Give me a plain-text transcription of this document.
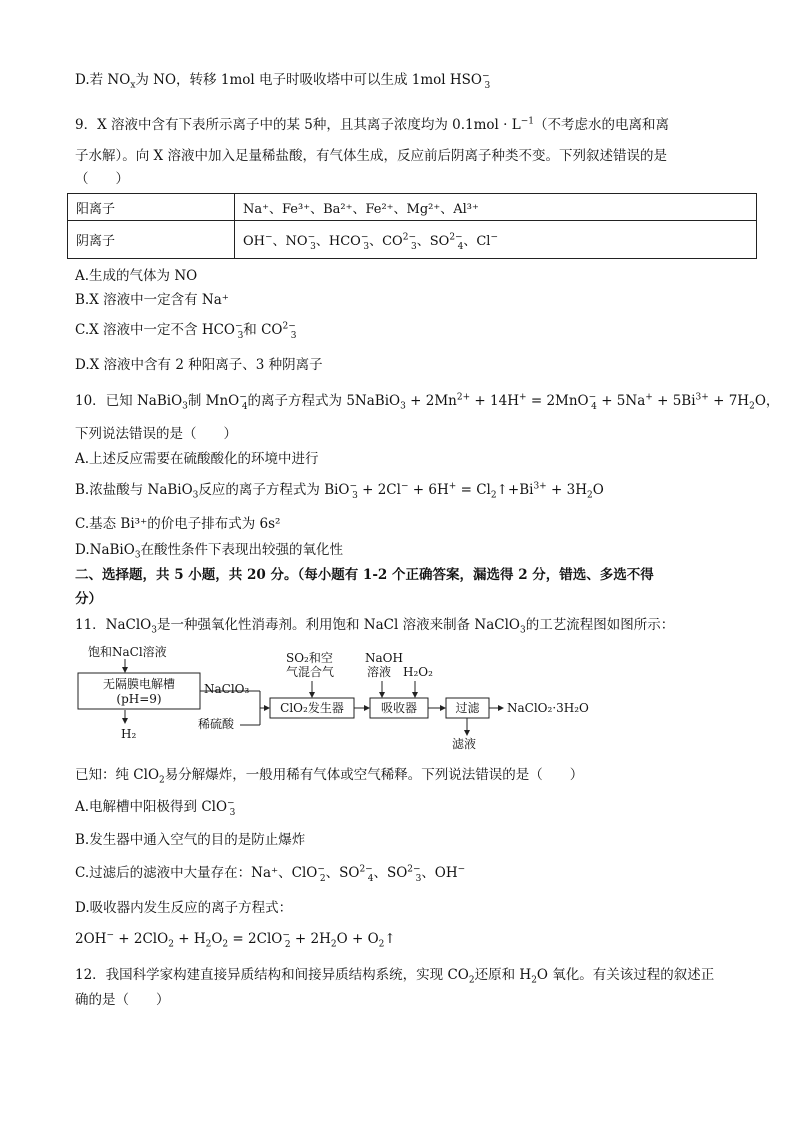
D.若 $NO_x$为 NO，转移 1mol 电子时吸收塔中可以生成 1mol $HSO^-_3$
9．X 溶液中含有下表所示离子中的某 5种，且其离子浓度均为 $0.1mol \cdot L^{-1}$（不考虑水的电离和离
子水解）。向 X 溶液中加入足量稀盐酸，有气体生成，反应前后阴离子种类不变。下列叙述错误的是
（　　）
阳离子	Na⁺、Fe³⁺、Ba²⁺、Fe²⁺、Mg²⁺、Al³⁺
阴离子	OH−、$NO^-_3$、$HCO^-_3$、$CO^{2-}_3$、$SO^{2-}_4$、Cl−
A.生成的气体为 NO
B.X 溶液中一定含有 Na⁺
C.X 溶液中一定不含 $HCO^-_3$和 $CO^{2-}_3$
D.X 溶液中含有 2 种阳离子、3 种阴离子
10．已知 NaBiO$_3$制 MnO−$_4$的离子方程式为 5NaBiO$_3$ + $2Mn^{2+} + 14H^+ = 2MnO^-_4 + 5Na^+ + 5Bi^{3+} + 7H_2O$，
下列说法错误的是（　　）
A.上述反应需要在硫酸酸化的环境中进行
B.浓盐酸与 NaBiO$_3$反应的离子方程式为 $BiO^-_3 + 2Cl^- + 6H^+ = Cl_2↑+Bi^{3+} + 3H_2O$
C.基态 Bi³⁺的价电子排布式为 6s²
D.NaBiO$_3$在酸性条件下表现出较强的氧化性
二、选择题，共 5 小题，共 20 分。（每小题有 1-2 个正确答案，漏选得 2 分，错选、多选不得
分）
11．NaClO$_3$是一种强氧化性消毒剂。利用饱和 NaCl 溶液来制备 NaClO$_3$的工艺流程图如图所示：
饱和NaCl溶液
无隔膜电解槽
(pH=9)
H₂
NaClO₃
稀硫酸
ClO₂发生器
SO₂和空
气混合气
NaOH
溶液 H₂O₂
吸收器	过滤	NaClO₂·3H₂O
滤液
已知：纯 ClO$_2$易分解爆炸，一般用稀有气体或空气稀释。下列说法错误的是（　　）
A.电解槽中阳极得到 ClO−$_3$
B.发生器中通入空气的目的是防止爆炸
C.过滤后的滤液中大量存在：Na⁺、ClO−$_2$、$SO^{2-}_4$、$SO^{2-}_3$、OH−
D.吸收器内发生反应的离子方程式：
$2OH^- + 2ClO_2 + H_2O_2 = 2ClO^-_2 + 2H_2O$ + $O_2↑$
12．我国科学家构建直接异质结构和间接异质结构系统，实现 $CO_2$还原和 $H_2O$ 氧化。有关该过程的叙述正
确的是（　　）
